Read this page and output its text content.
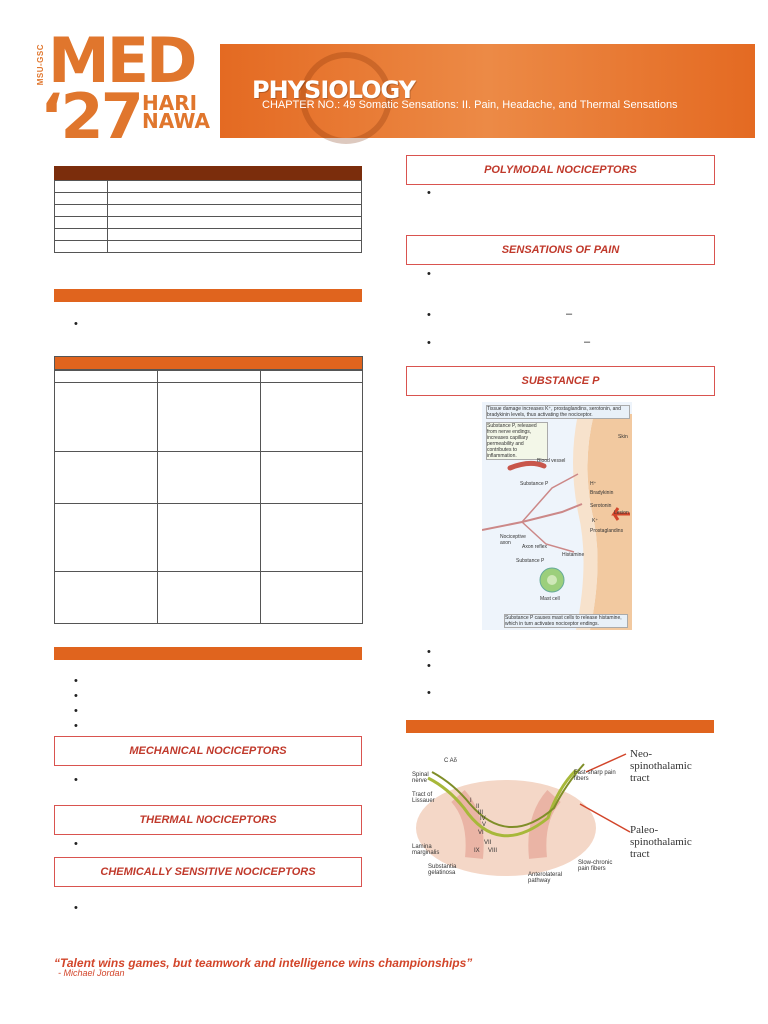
MSU-GSC MED
‘27 HARI
NAWA
PHYSIOLOGY
CHAPTER NO.: 49 Somatic Sensations: II. Pain, Headache, and Thermal Sensations

•

•
•
•
•
MECHANICAL NOCICEPTORS
•
THERMAL NOCICEPTORS
•
CHEMICALLY SENSITIVE NOCICEPTORS
•
POLYMODAL NOCICEPTORS
•
SENSATIONS OF PAIN
•
•	–
•	–
SUBSTANCE P
Tissue damage increases K⁺, prostaglandins, serotonin, and bradykinin levels, thus activating the nociceptor.
Substance P, released from nerve endings, increases capillary permeability and contributes to inflammation.
Blood vessel
Skin
Substance P	H⁺
Bradykinin
Serotonin
K⁺
Lesion
Prostaglandins
Nociceptive axon
Axon reflex
Histamine
Substance P
Mast cell
Substance P causes mast cells to release histamine, which in turn activates nociceptor endings.
•
•
•
C Aδ
Spinal nerve
Tract of Lissauer
Fast-sharp pain fibers
Neo-spinothalamic tract
Paleo-spinothalamic tract
Lamina marginalis
Substantia gelatinosa	Anterolateral pathway
Slow-chronic pain fibers
I
II
III
IV
V
VI
VII
VIII
IX
“Talent wins games, but teamwork and intelligence wins championships”
- Michael Jordan
